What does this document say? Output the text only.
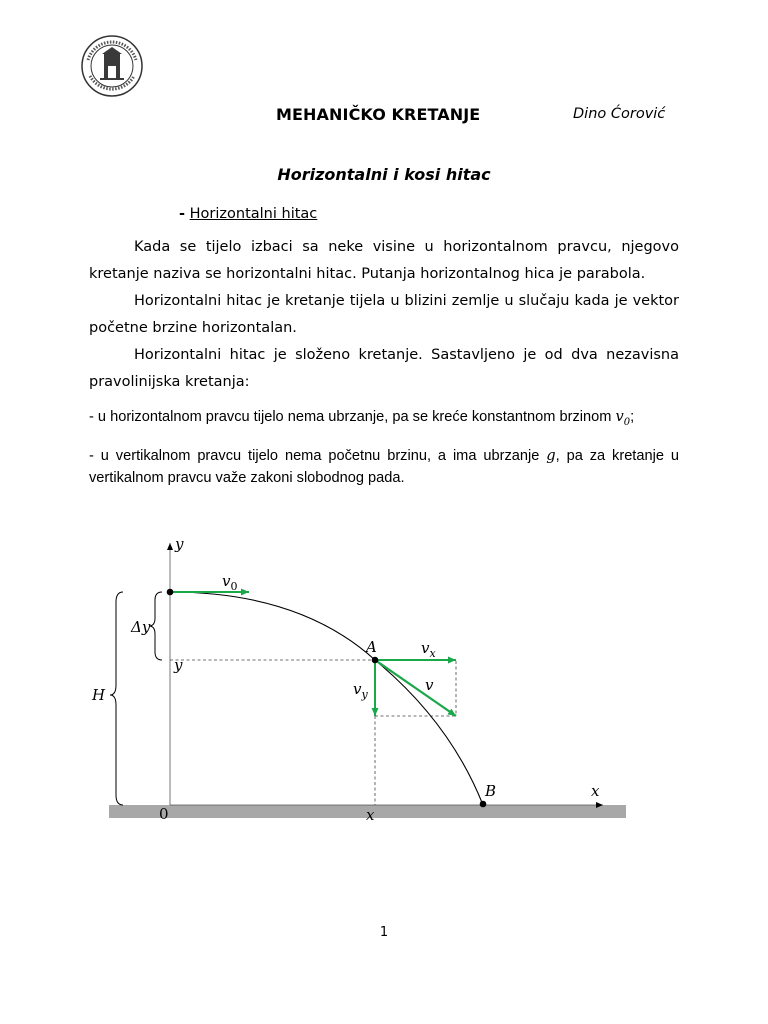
MEHANIČKO KRETANJE	Dino Ćorović
Horizontalni i kosi hitac
- Horizontalni hitac

Kada se tijelo izbaci sa neke visine u horizontalnom pravcu, njegovo kretanje naziva se horizontalni hitac. Putanja horizontalnog hica je parabola.

Horizontalni hitac je kretanje tijela u blizini zemlje u slučaju kada je vektor početne brzine horizontalan.

Horizontalni hitac je složeno kretanje. Sastavljeno je od dva nezavisna pravolinijska kretanja:

- u horizontalnom pravcu tijelo nema ubrzanje, pa se kreće konstantnom brzinom $v_0$;

- u vertikalnom pravcu tijelo nema početnu brzinu, a ima ubrzanje g, pa za kretanje u vertikalnom pravcu važe zakoni slobodnog pada.

y
x
0
$v_0$
Δy
y
A	$v_x$
$v_y$
v
H
x
B
1
